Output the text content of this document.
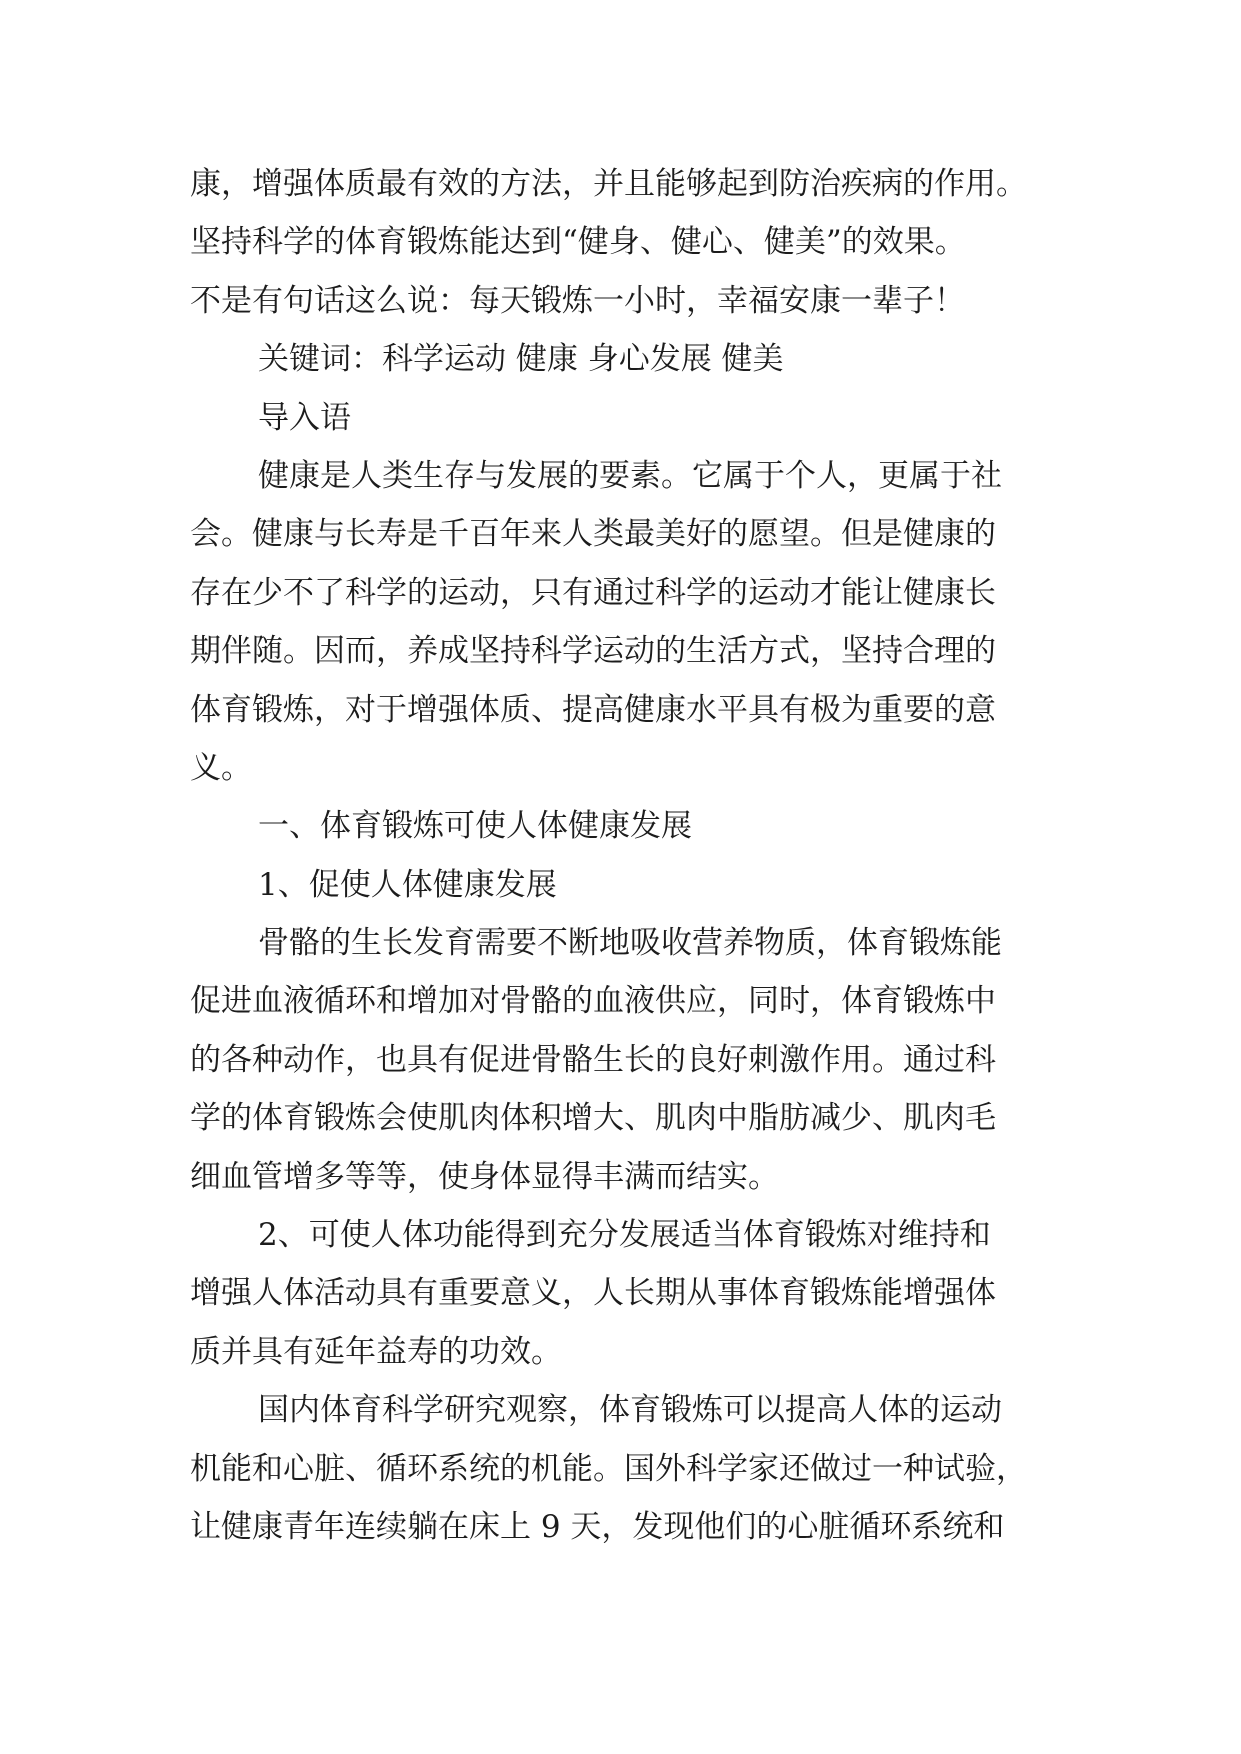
康，增强体质最有效的方法，并且能够起到防治疾病的作用。
坚持科学的体育锻炼能达到“健身、健心、健美”的效果。
不是有句话这么说：每天锻炼一小时，幸福安康一辈子！
关键词：科学运动 健康 身心发展 健美
导入语
健康是人类生存与发展的要素。它属于个人，更属于社
会。健康与长寿是千百年来人类最美好的愿望。但是健康的
存在少不了科学的运动，只有通过科学的运动才能让健康长
期伴随。因而，养成坚持科学运动的生活方式，坚持合理的
体育锻炼，对于增强体质、提高健康水平具有极为重要的意
义。
一、体育锻炼可使人体健康发展
1、促使人体健康发展
骨骼的生长发育需要不断地吸收营养物质，体育锻炼能
促进血液循环和增加对骨骼的血液供应，同时，体育锻炼中
的各种动作，也具有促进骨骼生长的良好刺激作用。通过科
学的体育锻炼会使肌肉体积增大、肌肉中脂肪减少、肌肉毛
细血管增多等等，使身体显得丰满而结实。
2、可使人体功能得到充分发展适当体育锻炼对维持和
增强人体活动具有重要意义，人长期从事体育锻炼能增强体
质并具有延年益寿的功效。
国内体育科学研究观察，体育锻炼可以提高人体的运动
机能和心脏、循环系统的机能。国外科学家还做过一种试验，
让健康青年连续躺在床上 9 天，发现他们的心脏循环系统和
